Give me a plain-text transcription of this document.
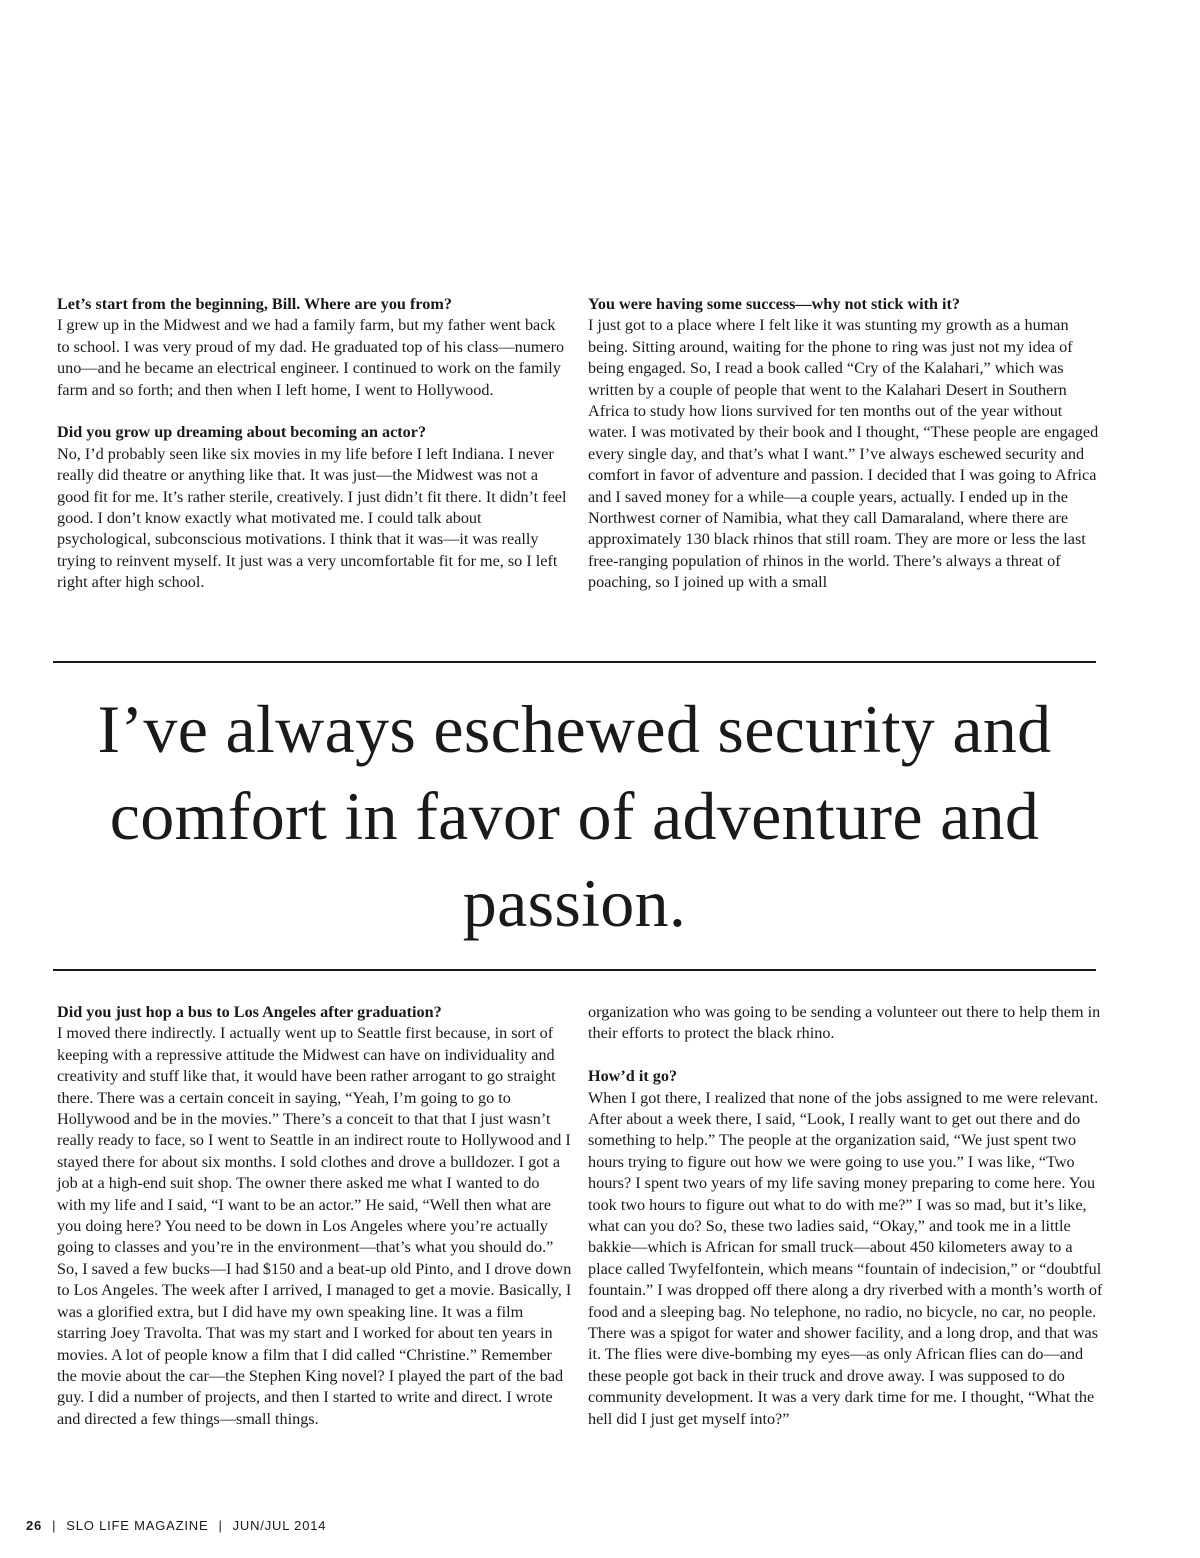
Let’s start from the beginning, Bill. Where are you from?

I grew up in the Midwest and we had a family farm, but my father went back to school. I was very proud of my dad. He graduated top of his class—numero uno—and he became an electrical engineer. I continued to work on the family farm and so forth; and then when I left home, I went to Hollywood.

Did you grow up dreaming about becoming an actor?

No, I’d probably seen like six movies in my life before I left Indiana. I never really did theatre or anything like that. It was just—the Midwest was not a good fit for me. It’s rather sterile, creatively. I just didn’t fit there. It didn’t feel good. I don’t know exactly what motivated me. I could talk about psychological, subconscious motivations. I think that it was—it was really trying to reinvent myself. It just was a very uncomfortable fit for me, so I left right after high school.

You were having some success—why not stick with it?

I just got to a place where I felt like it was stunting my growth as a human being. Sitting around, waiting for the phone to ring was just not my idea of being engaged. So, I read a book called “Cry of the Kalahari,” which was written by a couple of people that went to the Kalahari Desert in Southern Africa to study how lions survived for ten months out of the year without water. I was motivated by their book and I thought, “These people are engaged every single day, and that’s what I want.” I’ve always eschewed security and comfort in favor of adventure and passion. I decided that I was going to Africa and I saved money for a while—a couple years, actually. I ended up in the Northwest corner of Namibia, what they call Damaraland, where there are approximately 130 black rhinos that still roam. They are more or less the last free-ranging population of rhinos in the world. There’s always a threat of poaching, so I joined up with a small

I’ve always eschewed security and comfort in favor of adventure and passion.

Did you just hop a bus to Los Angeles after graduation?

I moved there indirectly. I actually went up to Seattle first because, in sort of keeping with a repressive attitude the Midwest can have on individuality and creativity and stuff like that, it would have been rather arrogant to go straight there. There was a certain conceit in saying, “Yeah, I’m going to go to Hollywood and be in the movies.” There’s a conceit to that that I just wasn’t really ready to face, so I went to Seattle in an indirect route to Hollywood and I stayed there for about six months. I sold clothes and drove a bulldozer. I got a job at a high-end suit shop. The owner there asked me what I wanted to do with my life and I said, “I want to be an actor.” He said, “Well then what are you doing here? You need to be down in Los Angeles where you’re actually going to classes and you’re in the environment—that’s what you should do.” So, I saved a few bucks—I had $150 and a beat-up old Pinto, and I drove down to Los Angeles. The week after I arrived, I managed to get a movie. Basically, I was a glorified extra, but I did have my own speaking line. It was a film starring Joey Travolta. That was my start and I worked for about ten years in movies. A lot of people know a film that I did called “Christine.” Remember the movie about the car—the Stephen King novel? I played the part of the bad guy. I did a number of projects, and then I started to write and direct. I wrote and directed a few things—small things.

organization who was going to be sending a volunteer out there to help them in their efforts to protect the black rhino.

How’d it go?

When I got there, I realized that none of the jobs assigned to me were relevant. After about a week there, I said, “Look, I really want to get out there and do something to help.” The people at the organization said, “We just spent two hours trying to figure out how we were going to use you.” I was like, “Two hours? I spent two years of my life saving money preparing to come here. You took two hours to figure out what to do with me?” I was so mad, but it’s like, what can you do? So, these two ladies said, “Okay,” and took me in a little bakkie—which is African for small truck—about 450 kilometers away to a place called Twyfelfontein, which means “fountain of indecision,” or “doubtful fountain.” I was dropped off there along a dry riverbed with a month’s worth of food and a sleeping bag. No telephone, no radio, no bicycle, no car, no people. There was a spigot for water and shower facility, and a long drop, and that was it. The flies were dive-bombing my eyes—as only African flies can do—and these people got back in their truck and drove away. I was supposed to do community development. It was a very dark time for me. I thought, “What the hell did I just get myself into?”

26 | SLO LIFE MAGAZINE | JUN/JUL 2014
